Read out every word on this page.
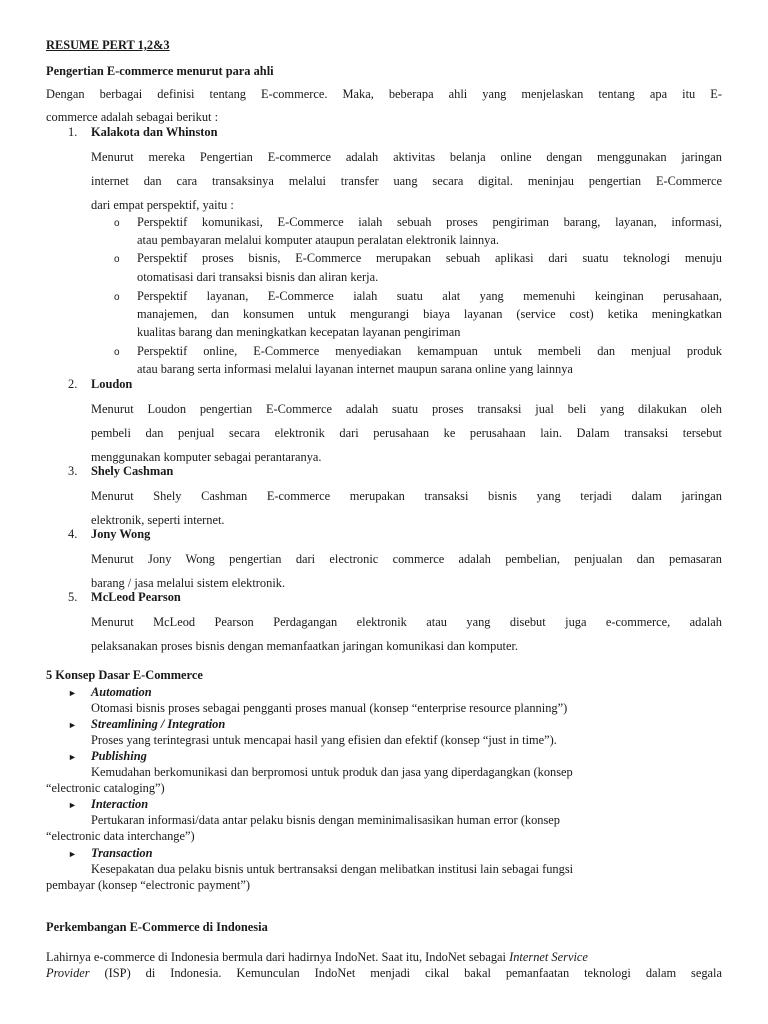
RESUME PERT 1,2&3
Pengertian E-commerce menurut para ahli
Dengan berbagai definisi tentang E-commerce. Maka, beberapa ahli yang menjelaskan tentang apa itu E-
commerce adalah sebagai berikut :
1. Kalakota dan Whinston
Menurut mereka Pengertian E-commerce adalah aktivitas belanja online dengan menggunakan jaringan
internet dan cara transaksinya melalui transfer uang secara digital. meninjau pengertian E-Commerce
dari empat perspektif, yaitu :
o Perspektif komunikasi, E-Commerce ialah sebuah proses pengiriman barang, layanan, informasi,
atau pembayaran melalui komputer ataupun peralatan elektronik lainnya.
o Perspektif proses bisnis, E-Commerce merupakan sebuah aplikasi dari suatu teknologi menuju
otomatisasi dari transaksi bisnis dan aliran kerja.
o Perspektif layanan, E-Commerce ialah suatu alat yang memenuhi keinginan perusahaan,
manajemen, dan konsumen untuk mengurangi biaya layanan (service cost) ketika meningkatkan
kualitas barang dan meningkatkan kecepatan layanan pengiriman
o Perspektif online, E-Commerce menyediakan kemampuan untuk membeli dan menjual produk
atau barang serta informasi melalui layanan internet maupun sarana online yang lainnya
2. Loudon
Menurut Loudon pengertian E-Commerce adalah suatu proses transaksi jual beli yang dilakukan oleh
pembeli dan penjual secara elektronik dari perusahaan ke perusahaan lain. Dalam transaksi tersebut
menggunakan komputer sebagai perantaranya.
3. Shely Cashman
Menurut Shely Cashman E-commerce merupakan transaksi bisnis yang terjadi dalam jaringan
elektronik, seperti internet.
4. Jony Wong
Menurut Jony Wong pengertian dari electronic commerce adalah pembelian, penjualan dan pemasaran
barang / jasa melalui sistem elektronik.
5. McLeod Pearson
Menurut McLeod Pearson Perdagangan elektronik atau yang disebut juga e-commerce, adalah
pelaksanakan proses bisnis dengan memanfaatkan jaringan komunikasi dan komputer.
5 Konsep Dasar E-Commerce
► Automation
Otomasi bisnis proses sebagai pengganti proses manual (konsep “enterprise resource planning”)
► Streamlining / Integration
Proses yang terintegrasi untuk mencapai hasil yang efisien dan efektif (konsep “just in time”).
► Publishing
Kemudahan berkomunikasi dan berpromosi untuk produk dan jasa yang diperdagangkan (konsep
“electronic cataloging”)
► Interaction
Pertukaran informasi/data antar pelaku bisnis dengan meminimalisasikan human error (konsep
“electronic data interchange”)
► Transaction
Kesepakatan dua pelaku bisnis untuk bertransaksi dengan melibatkan institusi lain sebagai fungsi
pembayar (konsep “electronic payment”)
Perkembangan E-Commerce di Indonesia
Lahirnya e-commerce di Indonesia bermula dari hadirnya IndoNet. Saat itu, IndoNet sebagai Internet Service
Provider (ISP) di Indonesia. Kemunculan IndoNet menjadi cikal bakal pemanfaatan teknologi dalam segala
